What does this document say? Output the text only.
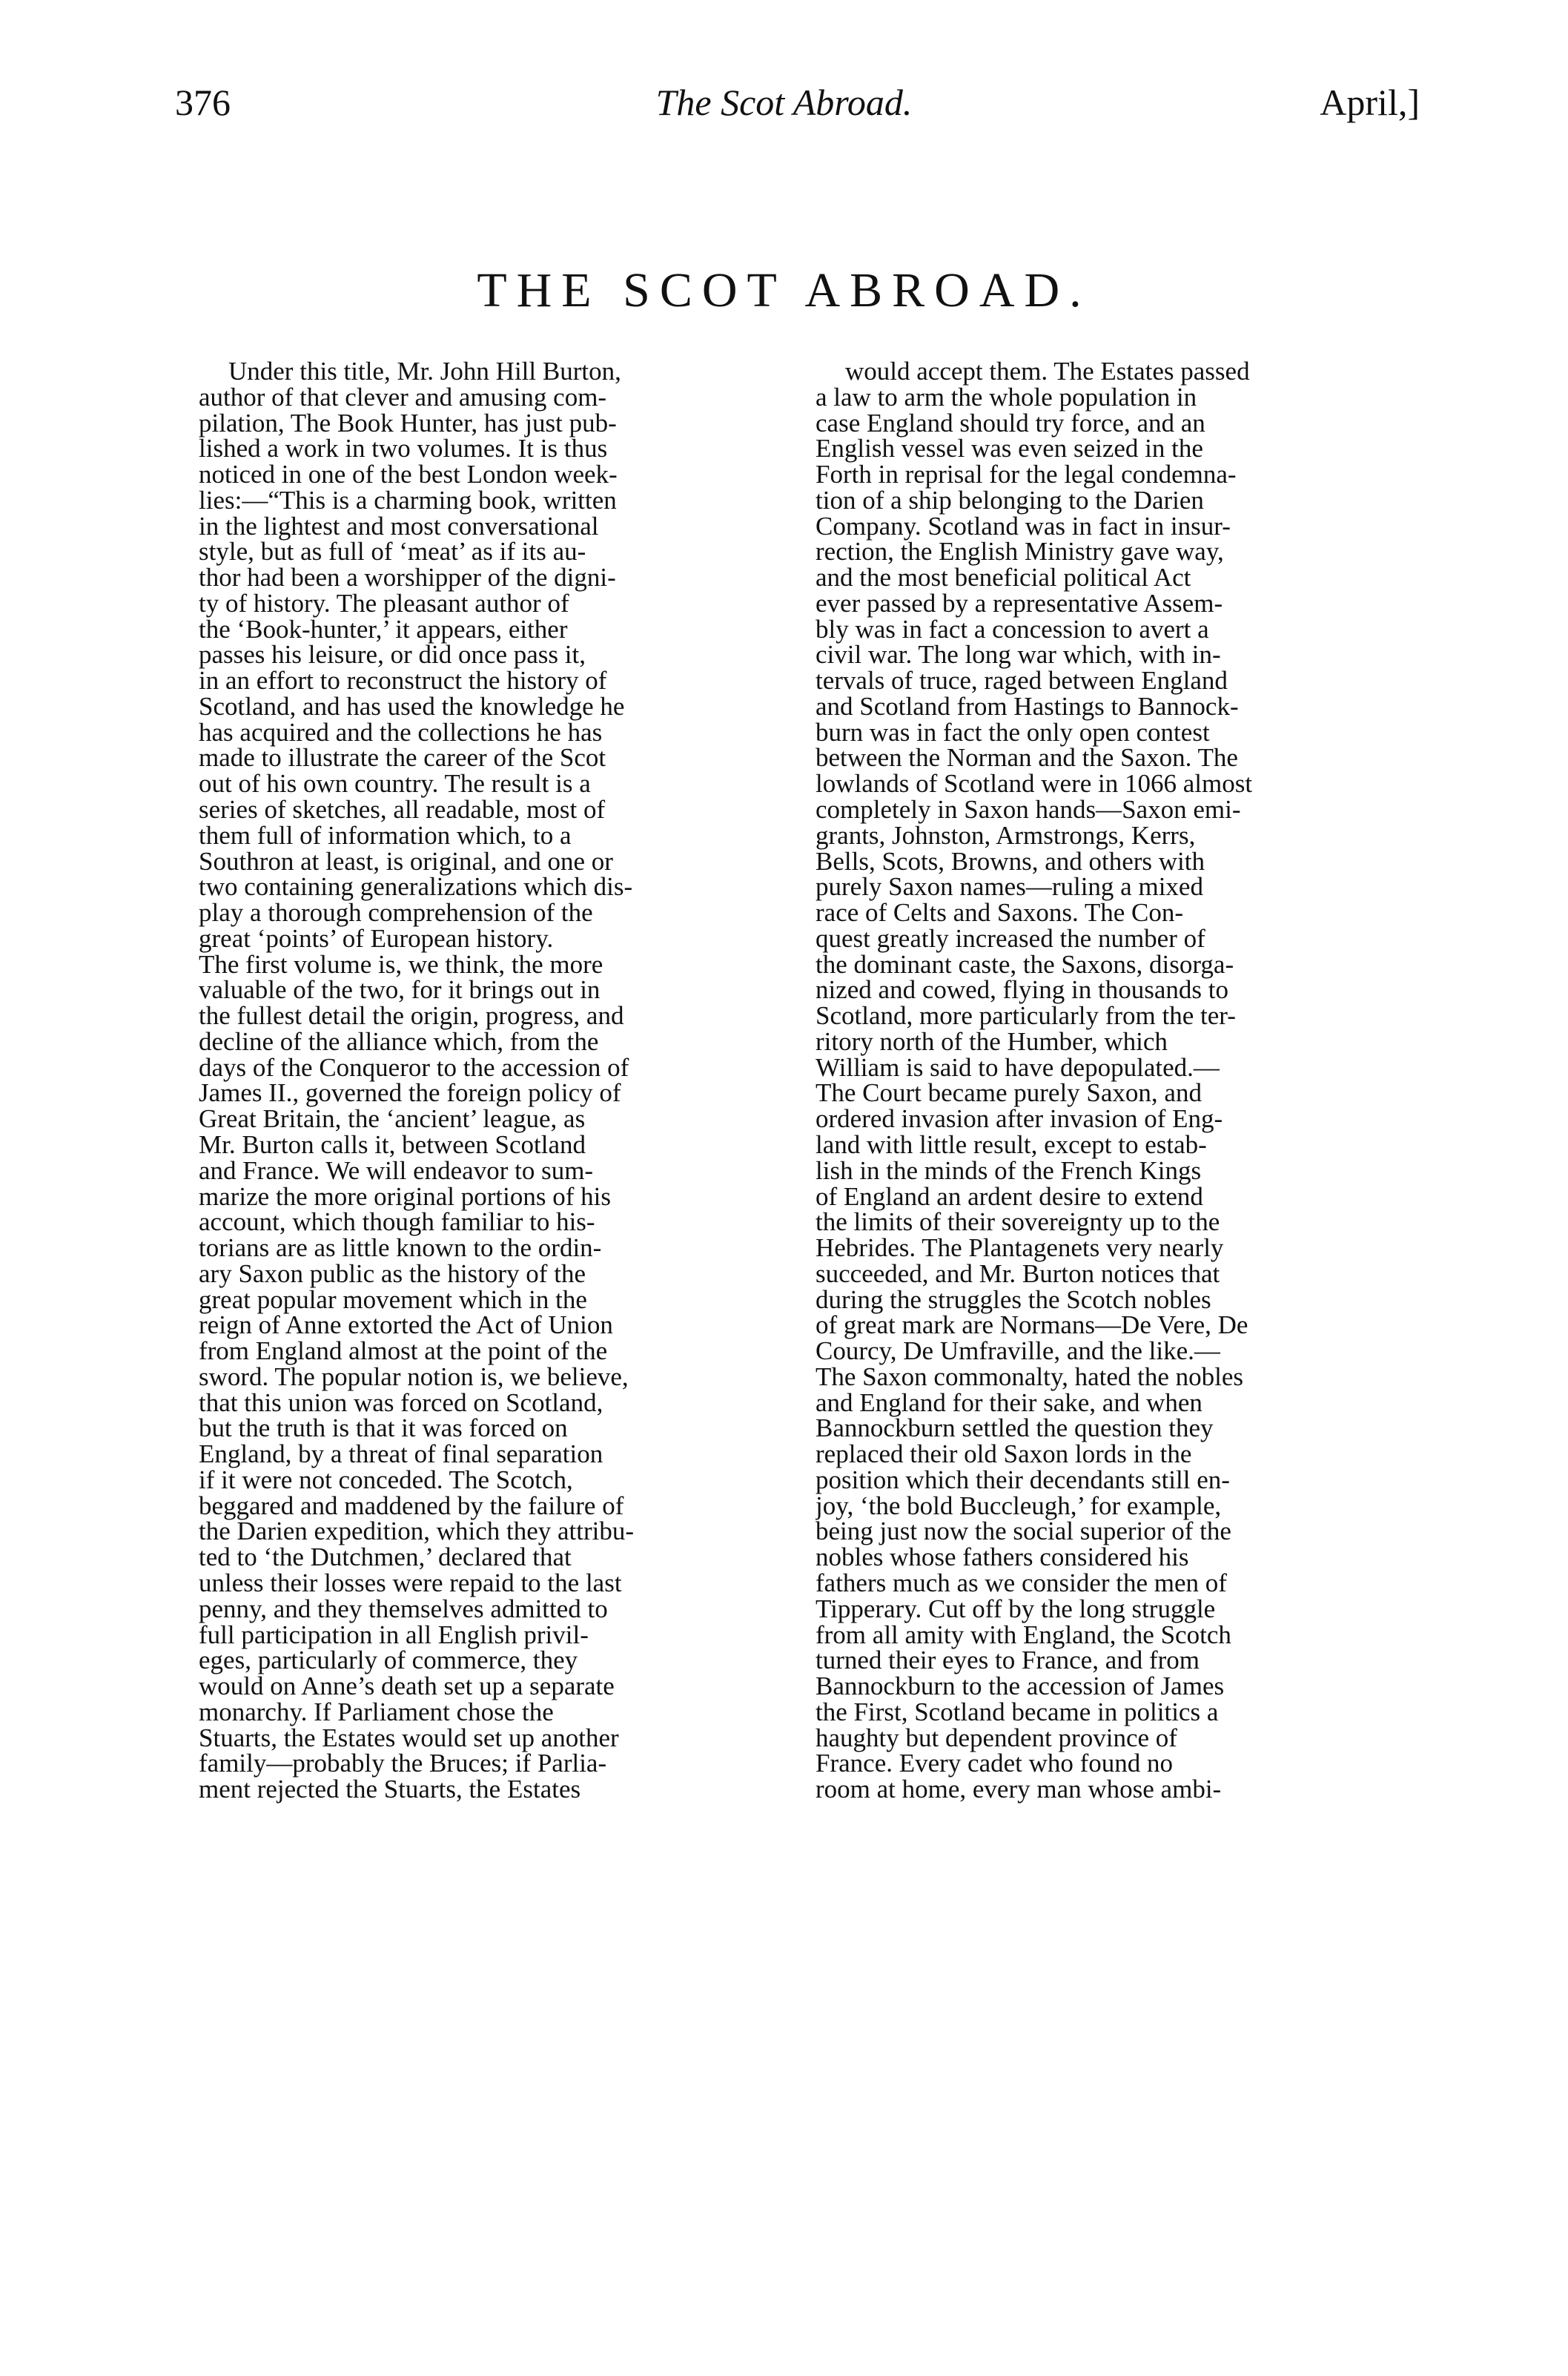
376	The Scot Abroad.	April,]
THE SCOT ABROAD.
Under this title, Mr. John Hill Burton,
author of that clever and amusing com-
pilation, The Book Hunter, has just pub-
lished a work in two volumes. It is thus
noticed in one of the best London week-
lies:—“This is a charming book, written
in the lightest and most conversational
style, but as full of ‘meat’ as if its au-
thor had been a worshipper of the digni-
ty of history. The pleasant author of
the ‘Book-hunter,’ it appears, either
passes his leisure, or did once pass it,
in an effort to reconstruct the history of
Scotland, and has used the knowledge he
has acquired and the collections he has
made to illustrate the career of the Scot
out of his own country. The result is a
series of sketches, all readable, most of
them full of information which, to a
Southron at least, is original, and one or
two containing generalizations which dis-
play a thorough comprehension of the
great ‘points’ of European history.
The first volume is, we think, the more
valuable of the two, for it brings out in
the fullest detail the origin, progress, and
decline of the alliance which, from the
days of the Conqueror to the accession of
James II., governed the foreign policy of
Great Britain, the ‘ancient’ league, as
Mr. Burton calls it, between Scotland
and France. We will endeavor to sum-
marize the more original portions of his
account, which though familiar to his-
torians are as little known to the ordin-
ary Saxon public as the history of the
great popular movement which in the
reign of Anne extorted the Act of Union
from England almost at the point of the
sword. The popular notion is, we believe,
that this union was forced on Scotland,
but the truth is that it was forced on
England, by a threat of final separation
if it were not conceded. The Scotch,
beggared and maddened by the failure of
the Darien expedition, which they attribu-
ted to ‘the Dutchmen,’ declared that
unless their losses were repaid to the last
penny, and they themselves admitted to
full participation in all English privil-
eges, particularly of commerce, they
would on Anne’s death set up a separate
monarchy. If Parliament chose the
Stuarts, the Estates would set up another
family—probably the Bruces; if Parlia-
ment rejected the Stuarts, the Estates
would accept them. The Estates passed
a law to arm the whole population in
case England should try force, and an
English vessel was even seized in the
Forth in reprisal for the legal condemna-
tion of a ship belonging to the Darien
Company. Scotland was in fact in insur-
rection, the English Ministry gave way,
and the most beneficial political Act
ever passed by a representative Assem-
bly was in fact a concession to avert a
civil war. The long war which, with in-
tervals of truce, raged between England
and Scotland from Hastings to Bannock-
burn was in fact the only open contest
between the Norman and the Saxon. The
lowlands of Scotland were in 1066 almost
completely in Saxon hands—Saxon emi-
grants, Johnston, Armstrongs, Kerrs,
Bells, Scots, Browns, and others with
purely Saxon names—ruling a mixed
race of Celts and Saxons. The Con-
quest greatly increased the number of
the dominant caste, the Saxons, disorga-
nized and cowed, flying in thousands to
Scotland, more particularly from the ter-
ritory north of the Humber, which
William is said to have depopulated.—
The Court became purely Saxon, and
ordered invasion after invasion of Eng-
land with little result, except to estab-
lish in the minds of the French Kings
of England an ardent desire to extend
the limits of their sovereignty up to the
Hebrides. The Plantagenets very nearly
succeeded, and Mr. Burton notices that
during the struggles the Scotch nobles
of great mark are Normans—De Vere, De
Courcy, De Umfraville, and the like.—
The Saxon commonalty, hated the nobles
and England for their sake, and when
Bannockburn settled the question they
replaced their old Saxon lords in the
position which their decendants still en-
joy, ‘the bold Buccleugh,’ for example,
being just now the social superior of the
nobles whose fathers considered his
fathers much as we consider the men of
Tipperary. Cut off by the long struggle
from all amity with England, the Scotch
turned their eyes to France, and from
Bannockburn to the accession of James
the First, Scotland became in politics a
haughty but dependent province of
France. Every cadet who found no
room at home, every man whose ambi-
